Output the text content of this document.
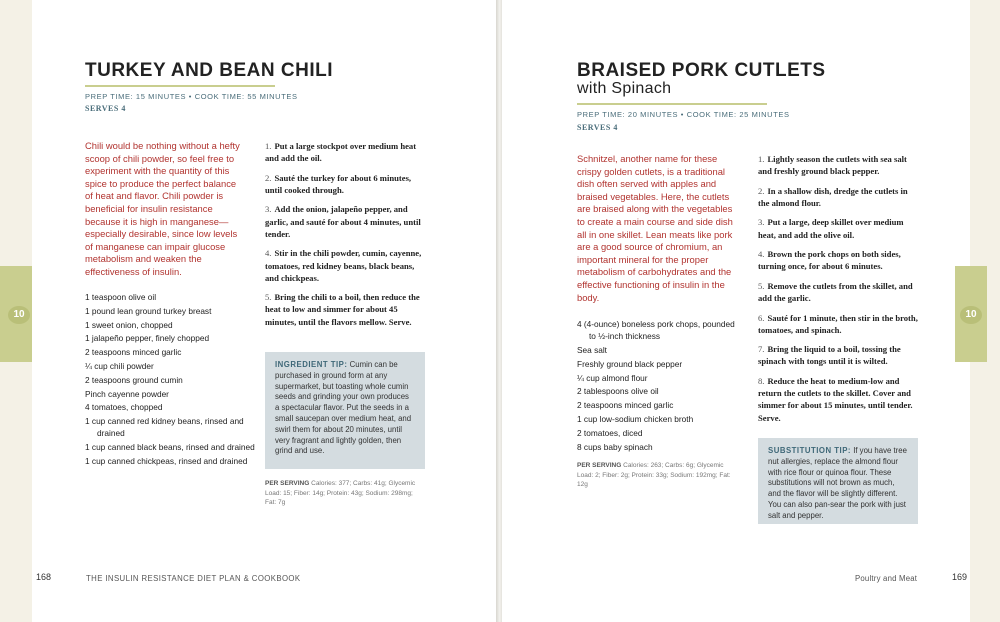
10	10
TURKEY AND BEAN CHILI
PREP TIME: 15 MINUTES • COOK TIME: 55 MINUTES
SERVES 4

Chili would be nothing without a hefty scoop of chili powder, so feel free to experiment with the quantity of this spice to produce the perfect balance of heat and flavor. Chili powder is beneficial for insulin resistance because it is high in manganese—especially desirable, since low levels of manganese can impair glucose metabolism and weaken the effectiveness of insulin.

1 teaspoon olive oil
1 pound lean ground turkey breast
1 sweet onion, chopped
1 jalapeño pepper, finely chopped
2 teaspoons minced garlic
¼ cup chili powder
2 teaspoons ground cumin
Pinch cayenne powder
4 tomatoes, chopped
1 cup canned red kidney beans, rinsed and drained
1 cup canned black beans, rinsed and drained
1 cup canned chickpeas, rinsed and drained
1. Put a large stockpot over medium heat and add the oil.
2. Sauté the turkey for about 6 minutes, until cooked through.
3. Add the onion, jalapeño pepper, and garlic, and sauté for about 4 minutes, until tender.
4. Stir in the chili powder, cumin, cayenne, tomatoes, red kidney beans, black beans, and chickpeas.
5. Bring the chili to a boil, then reduce the heat to low and simmer for about 45 minutes, until the flavors mellow. Serve.
INGREDIENT TIP: Cumin can be purchased in ground form at any supermarket, but toasting whole cumin seeds and grinding your own produces a spectacular flavor. Put the seeds in a small saucepan over medium heat, and swirl them for about 20 minutes, until very fragrant and lightly golden, then grind and use.

PER SERVING Calories: 377; Carbs: 41g; Glycemic Load: 15; Fiber: 14g; Protein: 43g; Sodium: 298mg; Fat: 7g

168	THE INSULIN RESISTANCE DIET PLAN & COOKBOOK
BRAISED PORK CUTLETS
with Spinach
PREP TIME: 20 MINUTES • COOK TIME: 25 MINUTES
SERVES 4

Schnitzel, another name for these crispy golden cutlets, is a traditional dish often served with apples and braised vegetables. Here, the cutlets are braised along with the vegetables to create a main course and side dish all in one skillet. Lean meats like pork are a good source of chromium, an important mineral for the proper metabolism of carbohydrates and the effective functioning of insulin in the body.

4 (4-ounce) boneless pork chops, pounded to ½-inch thickness
Sea salt
Freshly ground black pepper
¼ cup almond flour
2 tablespoons olive oil
2 teaspoons minced garlic
1 cup low-sodium chicken broth
2 tomatoes, diced
8 cups baby spinach

PER SERVING Calories: 263; Carbs: 6g; Glycemic Load: 2; Fiber: 2g; Protein: 33g; Sodium: 192mg; Fat: 12g

1. Lightly season the cutlets with sea salt and freshly ground black pepper.
2. In a shallow dish, dredge the cutlets in the almond flour.
3. Put a large, deep skillet over medium heat, and add the olive oil.
4. Brown the pork chops on both sides, turning once, for about 6 minutes.
5. Remove the cutlets from the skillet, and add the garlic.
6. Sauté for 1 minute, then stir in the broth, tomatoes, and spinach.
7. Bring the liquid to a boil, tossing the spinach with tongs until it is wilted.
8. Reduce the heat to medium-low and return the cutlets to the skillet. Cover and simmer for about 15 minutes, until tender. Serve.
SUBSTITUTION TIP: If you have tree nut allergies, replace the almond flour with rice flour or quinoa flour. These substitutions will not brown as much, and the flavor will be slightly different. You can also pan-sear the pork with just salt and pepper.
Poultry and Meat	169
